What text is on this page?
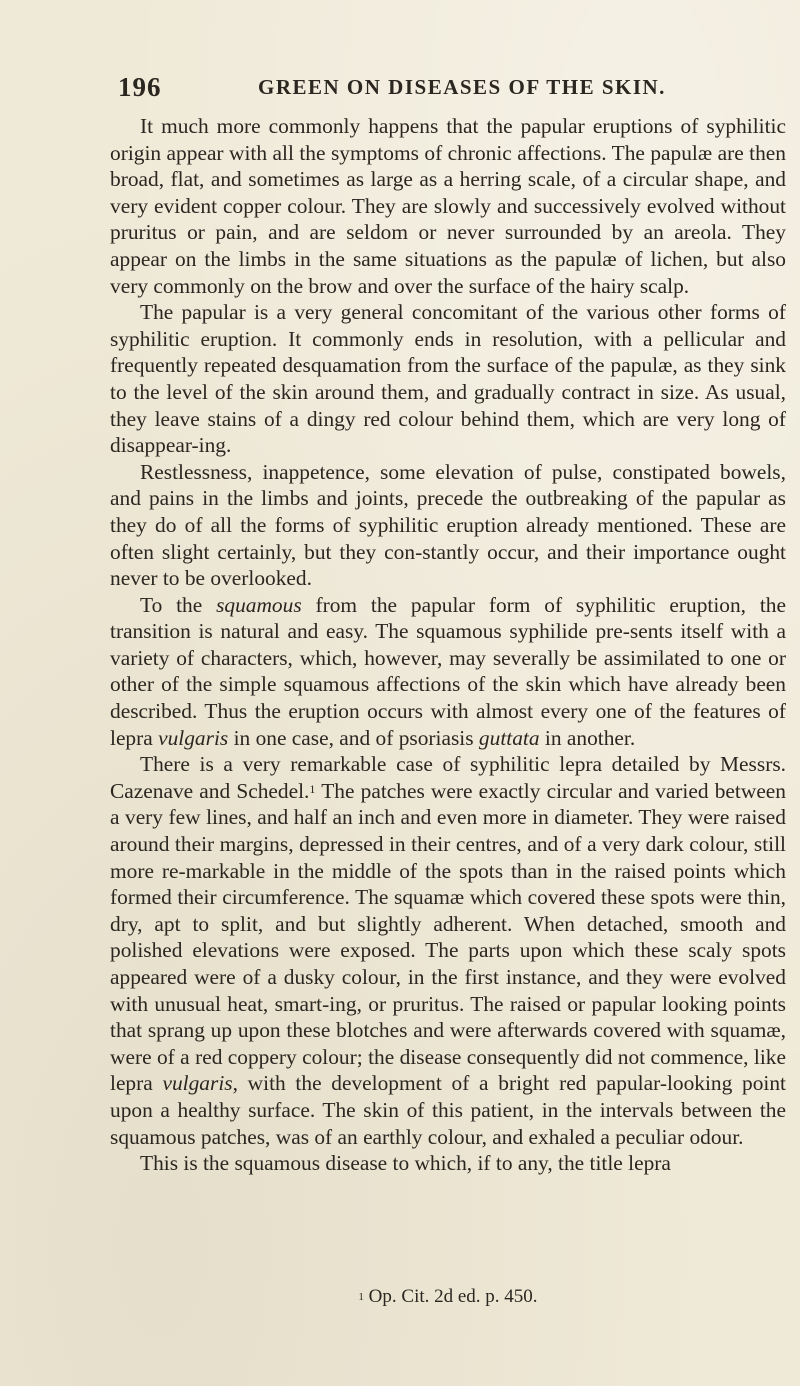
196	GREEN ON DISEASES OF THE SKIN.

It much more commonly happens that the papular eruptions of syphilitic origin appear with all the symptoms of chronic affections. The papulæ are then broad, flat, and sometimes as large as a herring scale, of a circular shape, and very evident copper colour. They are slowly and successively evolved without pruritus or pain, and are seldom or never surrounded by an areola. They appear on the limbs in the same situations as the papulæ of lichen, but also very commonly on the brow and over the surface of the hairy scalp.

The papular is a very general concomitant of the various other forms of syphilitic eruption. It commonly ends in resolution, with a pellicular and frequently repeated desquamation from the surface of the papulæ, as they sink to the level of the skin around them, and gradually contract in size. As usual, they leave stains of a dingy red colour behind them, which are very long of disappear-ing.

Restlessness, inappetence, some elevation of pulse, constipated bowels, and pains in the limbs and joints, precede the outbreaking of the papular as they do of all the forms of syphilitic eruption already mentioned. These are often slight certainly, but they con-stantly occur, and their importance ought never to be overlooked.

To the squamous from the papular form of syphilitic eruption, the transition is natural and easy. The squamous syphilide pre-sents itself with a variety of characters, which, however, may severally be assimilated to one or other of the simple squamous affections of the skin which have already been described. Thus the eruption occurs with almost every one of the features of lepra vulgaris in one case, and of psoriasis guttata in another.

There is a very remarkable case of syphilitic lepra detailed by Messrs. Cazenave and Schedel.$^1$ The patches were exactly circular and varied between a very few lines, and half an inch and even more in diameter. They were raised around their margins, depressed in their centres, and of a very dark colour, still more re-markable in the middle of the spots than in the raised points which formed their circumference. The squamæ which covered these spots were thin, dry, apt to split, and but slightly adherent. When detached, smooth and polished elevations were exposed. The parts upon which these scaly spots appeared were of a dusky colour, in the first instance, and they were evolved with unusual heat, smart-ing, or pruritus. The raised or papular looking points that sprang up upon these blotches and were afterwards covered with squamæ, were of a red coppery colour; the disease consequently did not commence, like lepra vulgaris, with the development of a bright red papular-looking point upon a healthy surface. The skin of this patient, in the intervals between the squamous patches, was of an earthly colour, and exhaled a peculiar odour.

This is the squamous disease to which, if to any, the title lepra

$^1$ Op. Cit. 2d ed. p. 450.
